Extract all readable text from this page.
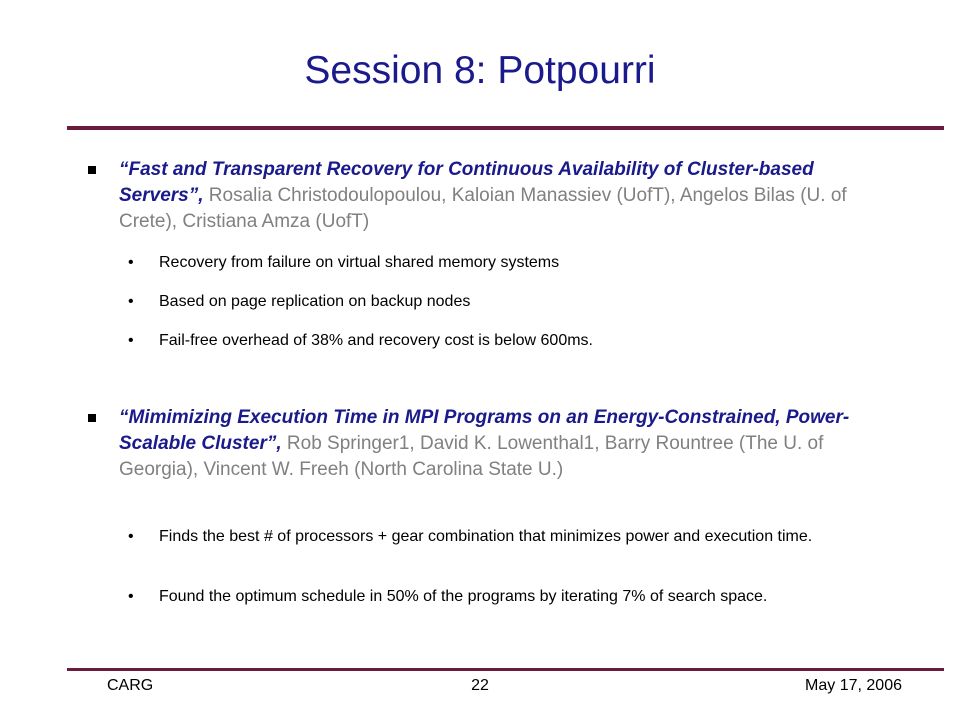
Session 8: Potpourri
“Fast and Transparent Recovery for Continuous Availability of Cluster-based Servers”, Rosalia Christodoulopoulou, Kaloian Manassiev (UofT), Angelos Bilas (U. of Crete), Cristiana Amza (UofT)
• Recovery from failure on virtual shared memory systems
• Based on page replication on backup nodes
• Fail-free overhead of 38% and recovery cost is below 600ms.
“Mimimizing Execution Time in MPI Programs on an Energy-Constrained, Power-Scalable Cluster”, Rob Springer1, David K. Lowenthal1, Barry Rountree (The U. of Georgia), Vincent W. Freeh (North Carolina State U.)
• Finds the best # of processors + gear combination that minimizes power and execution time.
• Found the optimum schedule in 50% of the programs by iterating 7% of search space.
CARG	22	May 17, 2006
